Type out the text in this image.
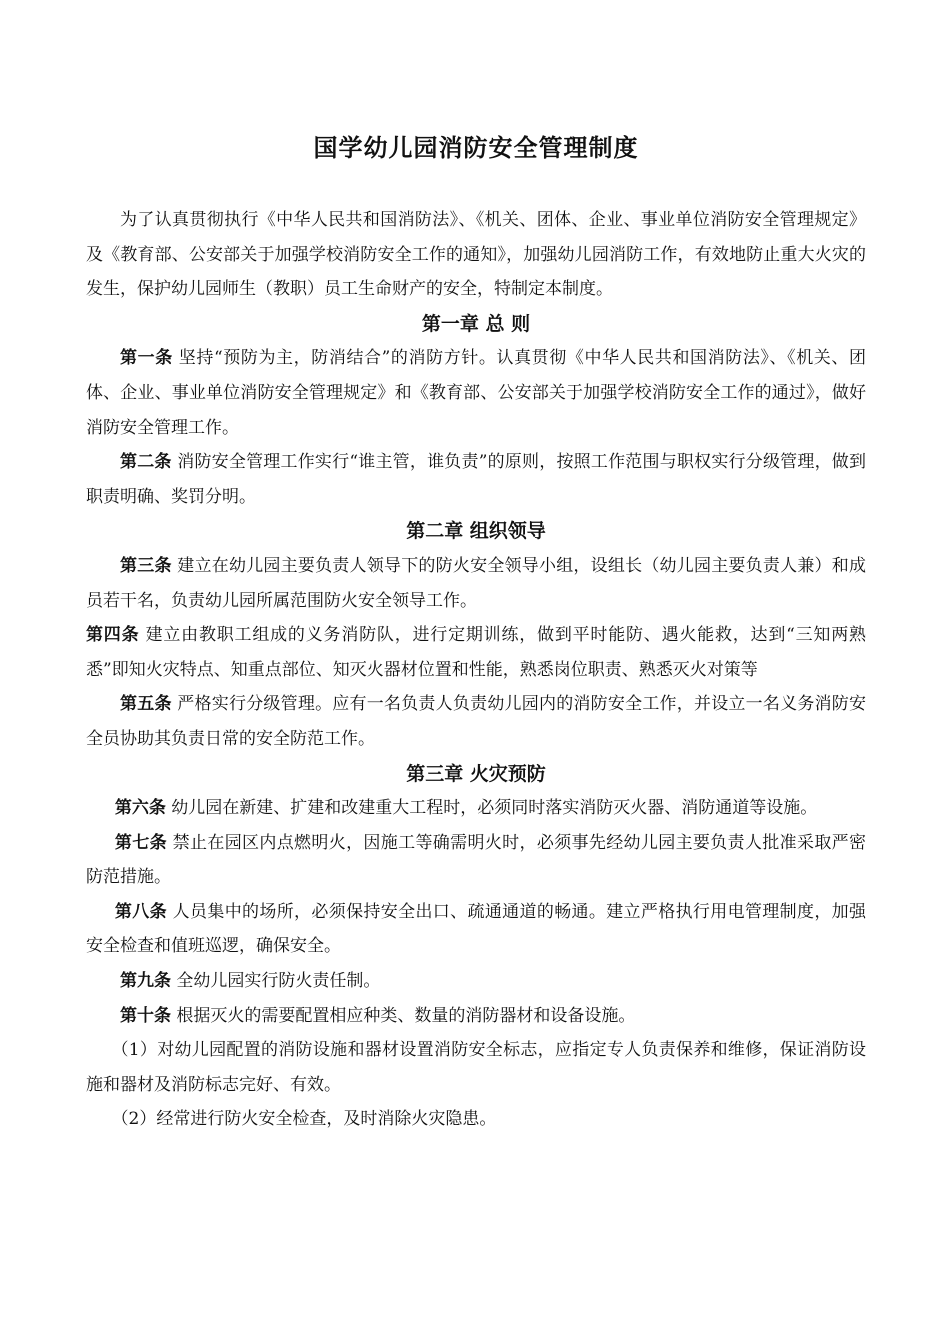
国学幼儿园消防安全管理制度

为了认真贯彻执行《中华人民共和国消防法》、《机关、团体、企业、事业单位消防安全管理规定》及《教育部、公安部关于加强学校消防安全工作的通知》，加强幼儿园消防工作，有效地防止重大火灾的发生，保护幼儿园师生（教职）员工生命财产的安全，特制定本制度。

第一章 总 则

第一条 坚持“预防为主，防消结合”的消防方针。认真贯彻《中华人民共和国消防法》、《机关、团体、企业、事业单位消防安全管理规定》和《教育部、公安部关于加强学校消防安全工作的通过》，做好消防安全管理工作。

第二条 消防安全管理工作实行“谁主管，谁负责”的原则，按照工作范围与职权实行分级管理，做到职责明确、奖罚分明。

第二章 组织领导

第三条 建立在幼儿园主要负责人领导下的防火安全领导小组，设组长（幼儿园主要负责人兼）和成员若干名，负责幼儿园所属范围防火安全领导工作。

第四条 建立由教职工组成的义务消防队，进行定期训练，做到平时能防、遇火能救，达到“三知两熟悉”即知火灾特点、知重点部位、知灭火器材位置和性能，熟悉岗位职责、熟悉灭火对策等

第五条 严格实行分级管理。应有一名负责人负责幼儿园内的消防安全工作，并设立一名义务消防安全员协助其负责日常的安全防范工作。

第三章 火灾预防

第六条 幼儿园在新建、扩建和改建重大工程时，必须同时落实消防灭火器、消防通道等设施。

第七条 禁止在园区内点燃明火，因施工等确需明火时，必须事先经幼儿园主要负责人批准采取严密防范措施。

第八条 人员集中的场所，必须保持安全出口、疏通通道的畅通。建立严格执行用电管理制度，加强安全检查和值班巡逻，确保安全。

第九条 全幼儿园实行防火责任制。

第十条 根据灭火的需要配置相应种类、数量的消防器材和设备设施。

（1）对幼儿园配置的消防设施和器材设置消防安全标志，应指定专人负责保养和维修，保证消防设施和器材及消防标志完好、有效。

（2）经常进行防火安全检查，及时消除火灾隐患。
